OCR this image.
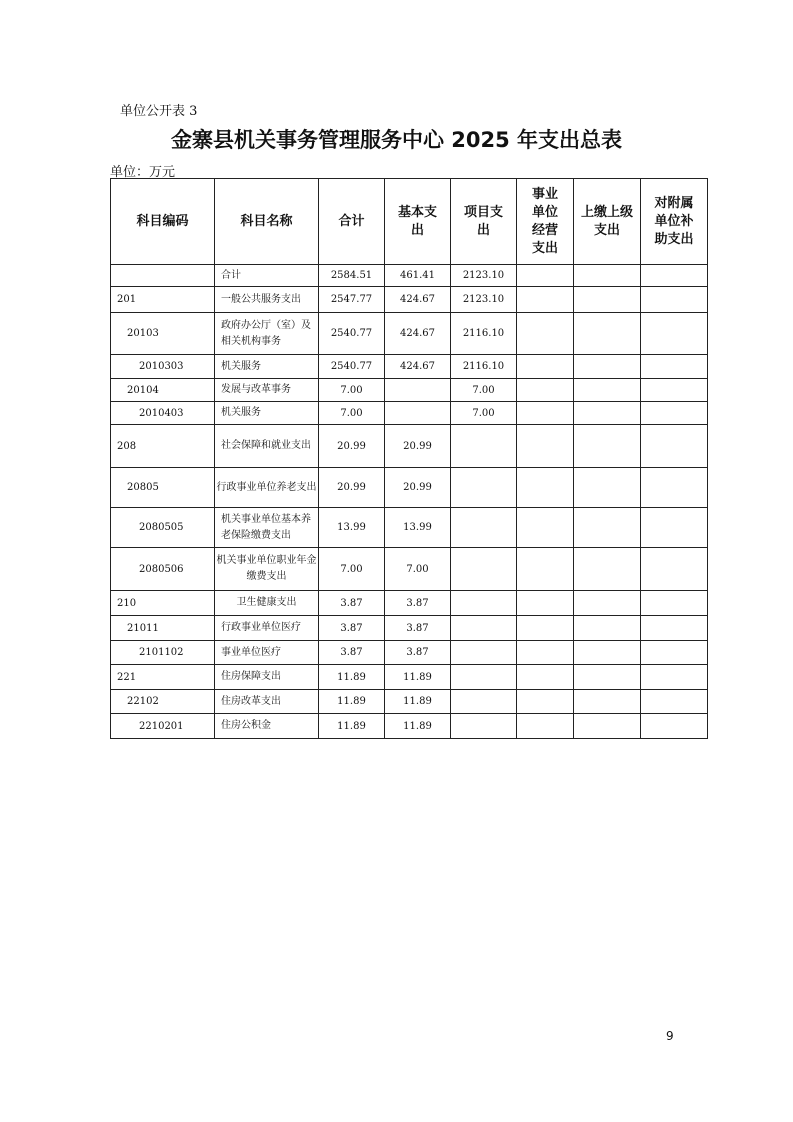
单位公开表 3
金寨县机关事务管理服务中心 2025 年支出总表
单位：万元
科目编码	科目名称	合计	基本支出	项目支出	事业单位经营支出	上缴上级支出	对附属单位补助支出
	合计	2584.51	461.41	2123.10			
201	一般公共服务支出	2547.77	424.67	2123.10			
20103	政府办公厅（室）及相关机构事务	2540.77	424.67	2116.10			
2010303	机关服务	2540.77	424.67	2116.10			
20104	发展与改革事务	7.00		7.00			
2010403	机关服务	7.00		7.00			
208	社会保障和就业支出	20.99	20.99				
20805	行政事业单位养老支出	20.99	20.99				
2080505	机关事业单位基本养老保险缴费支出	13.99	13.99				
2080506	机关事业单位职业年金缴费支出	7.00	7.00				
210	卫生健康支出	3.87	3.87				
21011	行政事业单位医疗	3.87	3.87				
2101102	事业单位医疗	3.87	3.87				
221	住房保障支出	11.89	11.89				
22102	住房改革支出	11.89	11.89				
2210201	住房公积金	11.89	11.89				
9
